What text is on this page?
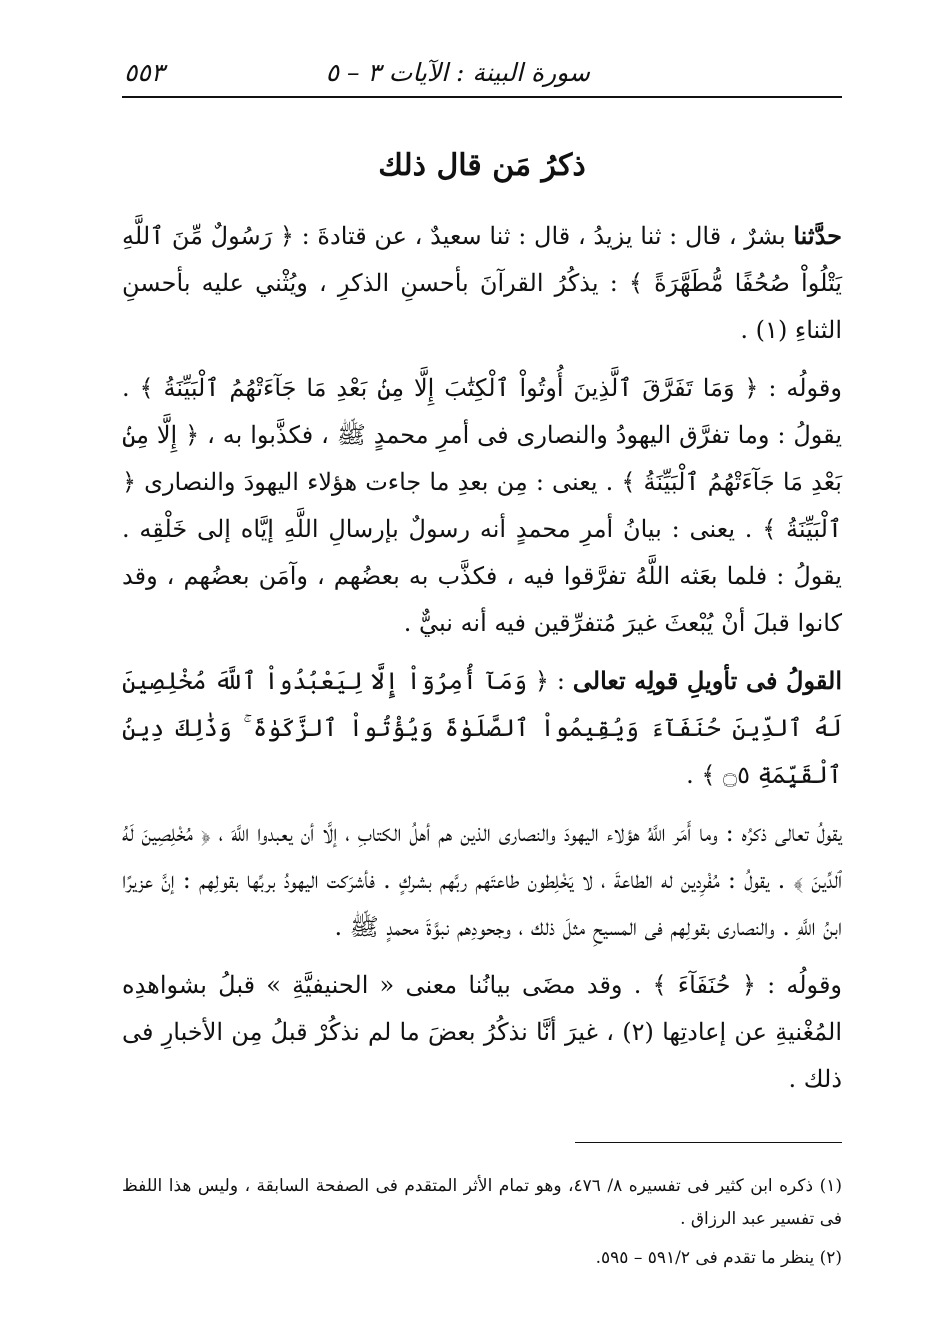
سورة البينة : الآيات ٣ – ٥
٥٥٣
ذكرُ مَن قال ذلك

حدَّثنا بشرٌ ، قال : ثنا يزيدُ ، قال : ثنا سعيدٌ ، عن قتادةَ : ﴿ رَسُولٌ مِّنَ ٱللَّهِ يَتْلُواْ صُحُفًا مُّطَهَّرَةً ﴾ : يذكُرُ القرآنَ بأحسنِ الذكرِ ، ويُثْني عليه بأحسنِ الثناءِ (١) .

وقولُه : ﴿ وَمَا تَفَرَّقَ ٱلَّذِينَ أُوتُواْ ٱلْكِتَٰبَ إِلَّا مِنۢ بَعْدِ مَا جَآءَتْهُمُ ٱلْبَيِّنَةُ ﴾ . يقولُ : وما تفرَّق اليهودُ والنصارى فى أمرِ محمدٍ ﷺ ، فكذَّبوا به ، ﴿ إِلَّا مِنۢ بَعْدِ مَا جَآءَتْهُمُ ٱلْبَيِّنَةُ ﴾ . يعنى : مِن بعدِ ما جاءت هؤلاء اليهودَ والنصارى ﴿ ٱلْبَيِّنَةُ ﴾ . يعنى : بيانُ أمرِ محمدٍ أنه رسولٌ بإرسالِ اللَّهِ إيَّاه إلى خَلْقِه . يقولُ : فلما بعَثه اللَّهُ تفرَّقوا فيه ، فكذَّب به بعضُهم ، وآمَن بعضُهم ، وقد كانوا قبلَ أنْ يُبْعثَ غيرَ مُتفرِّقين فيه أنه نبيٌّ .

القولُ فى تأويلِ قولِه تعالى : ﴿ وَمَآ أُمِرُوٓاْ إِلَّا لِيَعْبُدُواْ ٱللَّهَ مُخْلِصِينَ لَهُ ٱلدِّينَ حُنَفَآءَ وَيُقِيمُواْ ٱلصَّلَوٰةَ وَيُؤْتُواْ ٱلزَّكَوٰةَ ۚ وَذَٰلِكَ دِينُ ٱلْقَيِّمَةِ ۝٥ ﴾ .

يقولُ تعالى ذكرُه : وما أَمَر اللَّهُ هؤلاء اليهودَ والنصارى الذين هم أهلُ الكتابِ ، إلَّا أن يعبدوا اللَّهَ ، ﴿ مُخْلِصِينَ لَهُ ٱلدِّينَ ﴾ . يقولُ : مُفْرِدين له الطاعةَ ، لا يَخْلِطون طاعتَهم ربَّهم بشركٍ . فأشرَكت اليهودُ بربِّها بقولِهم : إنَّ عزيرًا ابنُ اللَّهِ . والنصارى بقولِهم فى المسيحِ مثلَ ذلك ، وجحودِهم نبوَّةَ محمدٍ ﷺ .

وقولُه : ﴿ حُنَفَآءَ ﴾ . وقد مضَى بيانُنا معنى « الحنيفيَّةِ » قبلُ بشواهدِه المُغْنيةِ عن إعادتِها (٢) ، غيرَ أنَّا نذكُرُ بعضَ ما لم نذكُرْ قبلُ مِن الأخبارِ فى ذلك .

(١) ذكره ابن كثير فى تفسيره ٨/ ٤٧٦، وهو تمام الأثر المتقدم فى الصفحة السابقة ، وليس هذا اللفظ فى تفسير عبد الرزاق .

(٢) ينظر ما تقدم فى ٥٩١/٢ – ٥٩٥.
